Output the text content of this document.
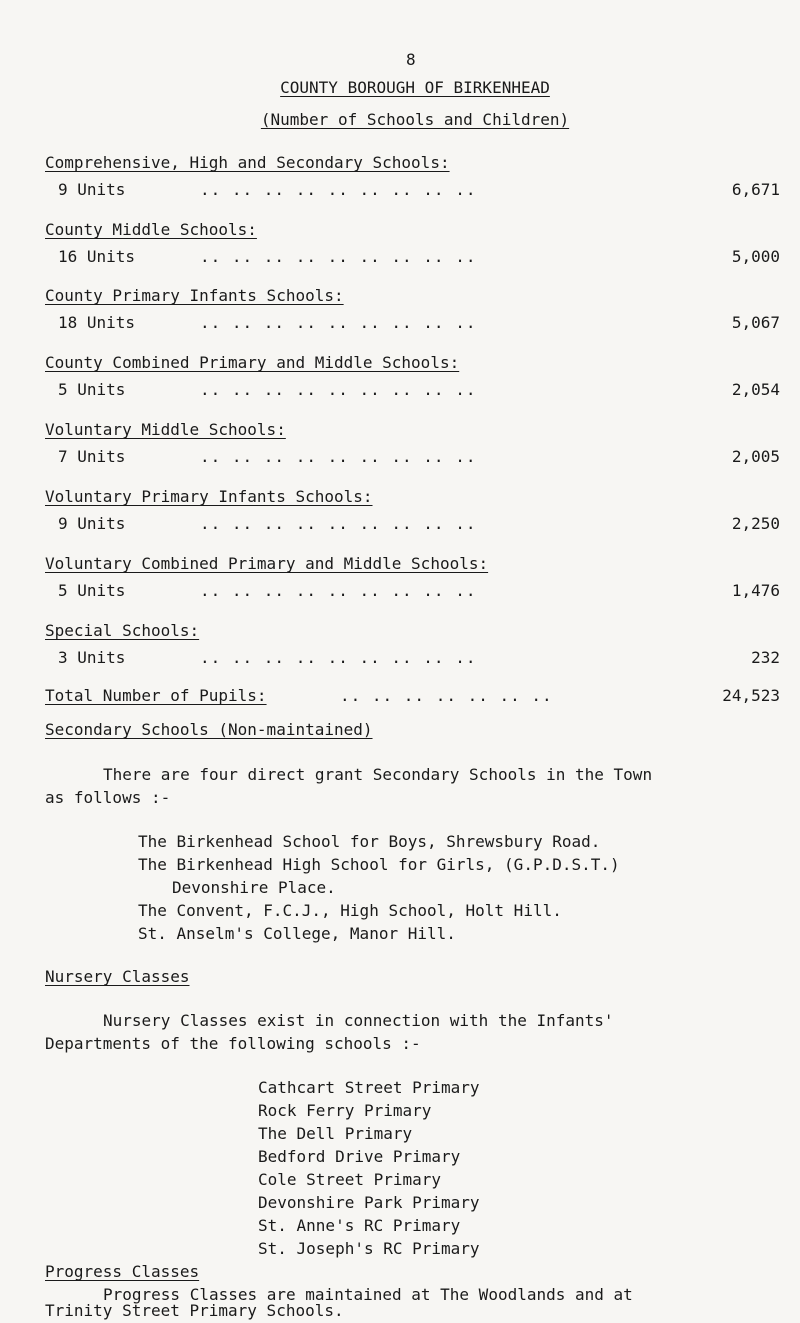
8
COUNTY BOROUGH OF BIRKENHEAD
(Number of Schools and Children)
Comprehensive, High and Secondary Schools:
9 Units	.. .. .. .. .. .. .. .. ..	6,671
County Middle Schools:
16 Units	.. .. .. .. .. .. .. .. ..	5,000
County Primary Infants Schools:
18 Units	.. .. .. .. .. .. .. .. ..	5,067
County Combined Primary and Middle Schools:
5 Units	.. .. .. .. .. .. .. .. ..	2,054
Voluntary Middle Schools:
7 Units	.. .. .. .. .. .. .. .. ..	2,005
Voluntary Primary Infants Schools:
9 Units	.. .. .. .. .. .. .. .. ..	2,250
Voluntary Combined Primary and Middle Schools:
5 Units	.. .. .. .. .. .. .. .. ..	1,476
Special Schools:
3 Units	.. .. .. .. .. .. .. .. ..	232
Total Number of Pupils:	.. .. .. .. .. .. ..	24,523
Secondary Schools (Non-maintained)
There are four direct grant Secondary Schools in the Town
as follows :-
The Birkenhead School for Boys, Shrewsbury Road.
The Birkenhead High School for Girls, (G.P.D.S.T.)
Devonshire Place.
The Convent, F.C.J., High School, Holt Hill.
St. Anselm's College, Manor Hill.
Nursery Classes
Nursery Classes exist in connection with the Infants'
Departments of the following schools :-
Cathcart Street Primary
Rock Ferry Primary
The Dell Primary
Bedford Drive Primary
Cole Street Primary
Devonshire Park Primary
St. Anne's RC Primary
St. Joseph's RC Primary
Progress Classes
Progress Classes are maintained at The Woodlands and at
Trinity Street Primary Schools.
